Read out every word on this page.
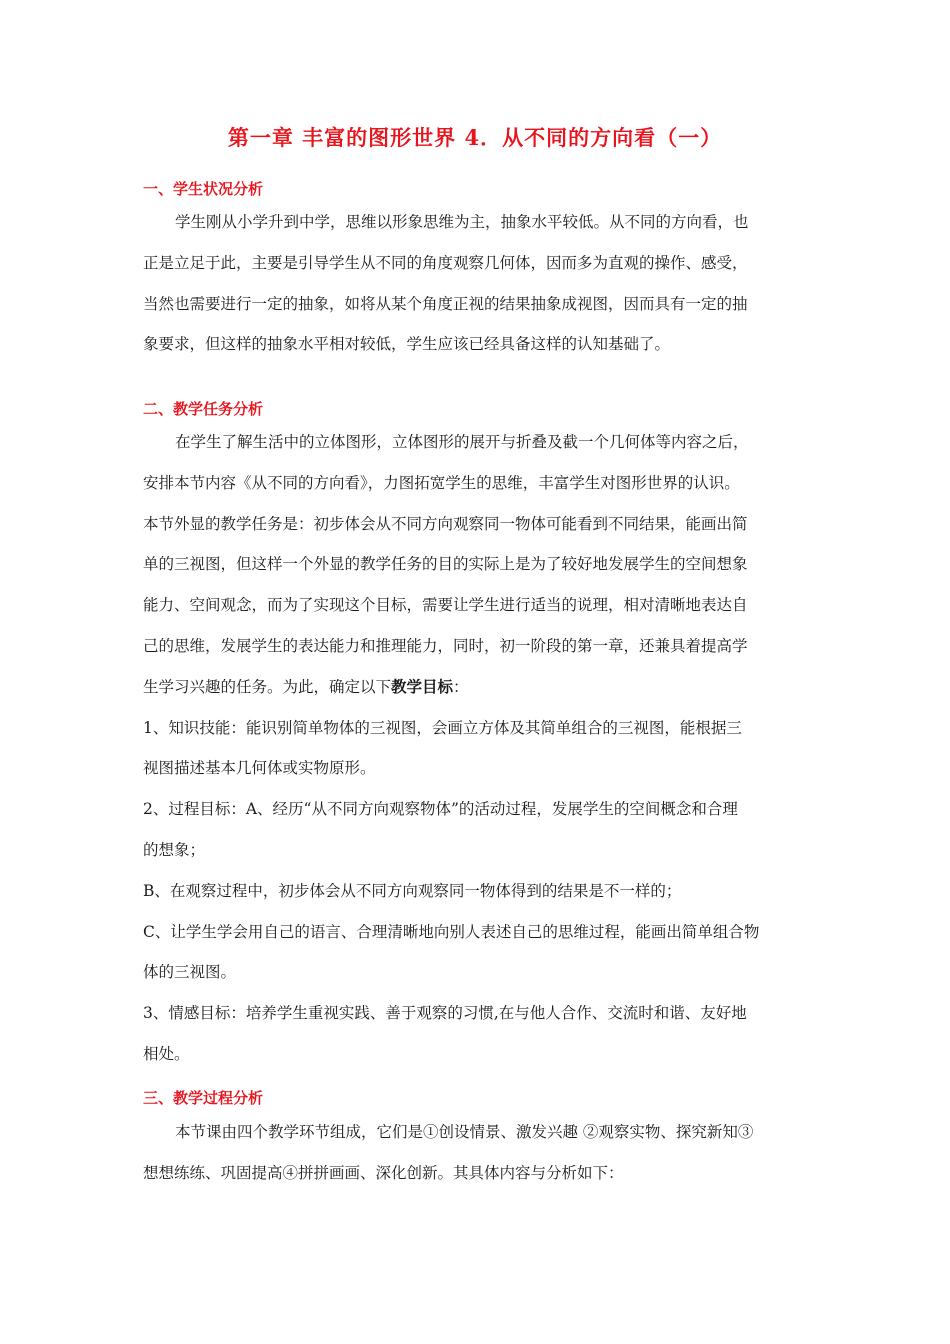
第一章 丰富的图形世界 4．从不同的方向看（一）
一、学生状况分析
学生刚从小学升到中学，思维以形象思维为主，抽象水平较低。从不同的方向看，也
正是立足于此，主要是引导学生从不同的角度观察几何体，因而多为直观的操作、感受，
当然也需要进行一定的抽象，如将从某个角度正视的结果抽象成视图，因而具有一定的抽
象要求，但这样的抽象水平相对较低，学生应该已经具备这样的认知基础了。
二、教学任务分析
在学生了解生活中的立体图形，立体图形的展开与折叠及截一个几何体等内容之后，
安排本节内容《从不同的方向看》，力图拓宽学生的思维，丰富学生对图形世界的认识。
本节外显的教学任务是：初步体会从不同方向观察同一物体可能看到不同结果，能画出简
单的三视图，但这样一个外显的教学任务的目的实际上是为了较好地发展学生的空间想象
能力、空间观念，而为了实现这个目标，需要让学生进行适当的说理，相对清晰地表达自
己的思维，发展学生的表达能力和推理能力，同时，初一阶段的第一章，还兼具着提高学
生学习兴趣的任务。为此，确定以下教学目标：
1、知识技能：能识别简单物体的三视图，会画立方体及其简单组合的三视图，能根据三
视图描述基本几何体或实物原形。
2、过程目标：A、经历“从不同方向观察物体”的活动过程，发展学生的空间概念和合理
的想象；
B、在观察过程中，初步体会从不同方向观察同一物体得到的结果是不一样的；
C、让学生学会用自己的语言、合理清晰地向别人表述自己的思维过程，能画出简单组合物
体的三视图。
3、情感目标：培养学生重视实践、善于观察的习惯,在与他人合作、交流时和谐、友好地
相处。
三、教学过程分析
本节课由四个教学环节组成，它们是①创设情景、激发兴趣 ②观察实物、探究新知③
想想练练、巩固提高④拼拼画画、深化创新。其具体内容与分析如下：
